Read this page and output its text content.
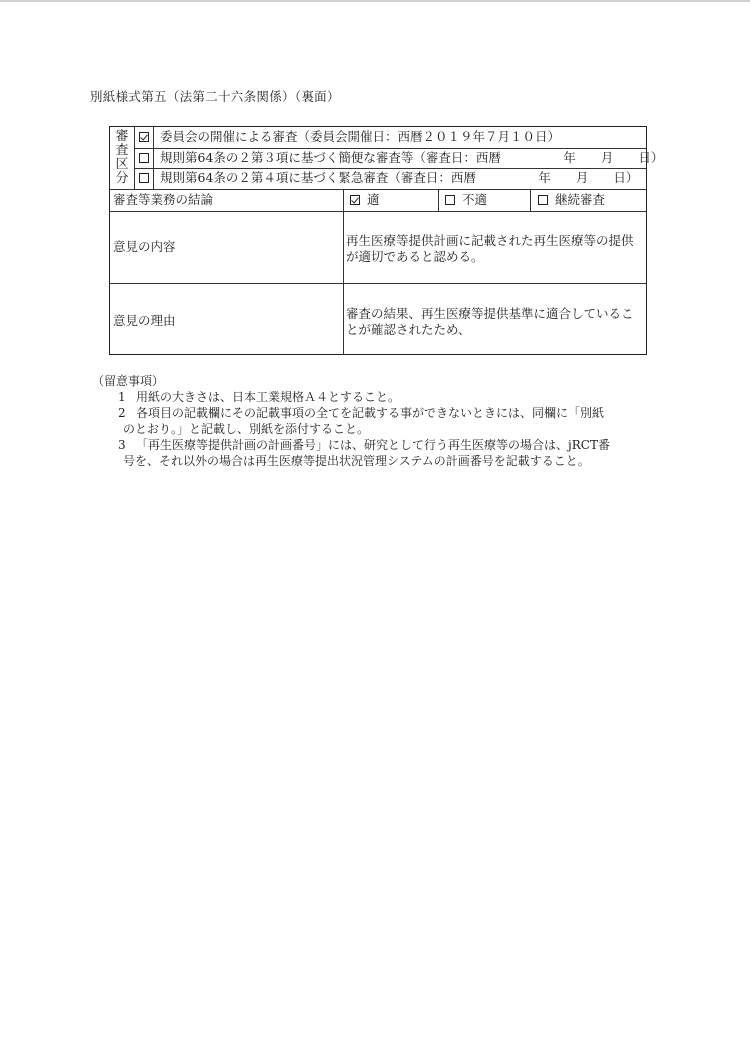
別紙様式第五（法第二十六条関係）（裏面）
審
査
区
分
委員会の開催による審査（委員会開催日：西暦２０１９年７月１０日）
規則第64条の２第３項に基づく簡便な審査等（審査日：西暦　　　　　年　　月　　日）
規則第64条の２第４項に基づく緊急審査（審査日：西暦　　　　　年　　月　　日）
審査等業務の結論	適	不適	継続審査
意見の内容	再生医療等提供計画に記載された再生医療等の提供が適切であると認める。
意見の理由	審査の結果、再生医療等提供基準に適合していることが確認されたため、
（留意事項）
1 用紙の大きさは、日本工業規格Ａ４とすること。
2 各項目の記載欄にその記載事項の全てを記載する事ができないときには、同欄に「別紙
のとおり。」と記載し、別紙を添付すること。
3 「再生医療等提供計画の計画番号」には、研究として行う再生医療等の場合は、jRCT番
号を、それ以外の場合は再生医療等提出状況管理システムの計画番号を記載すること。
